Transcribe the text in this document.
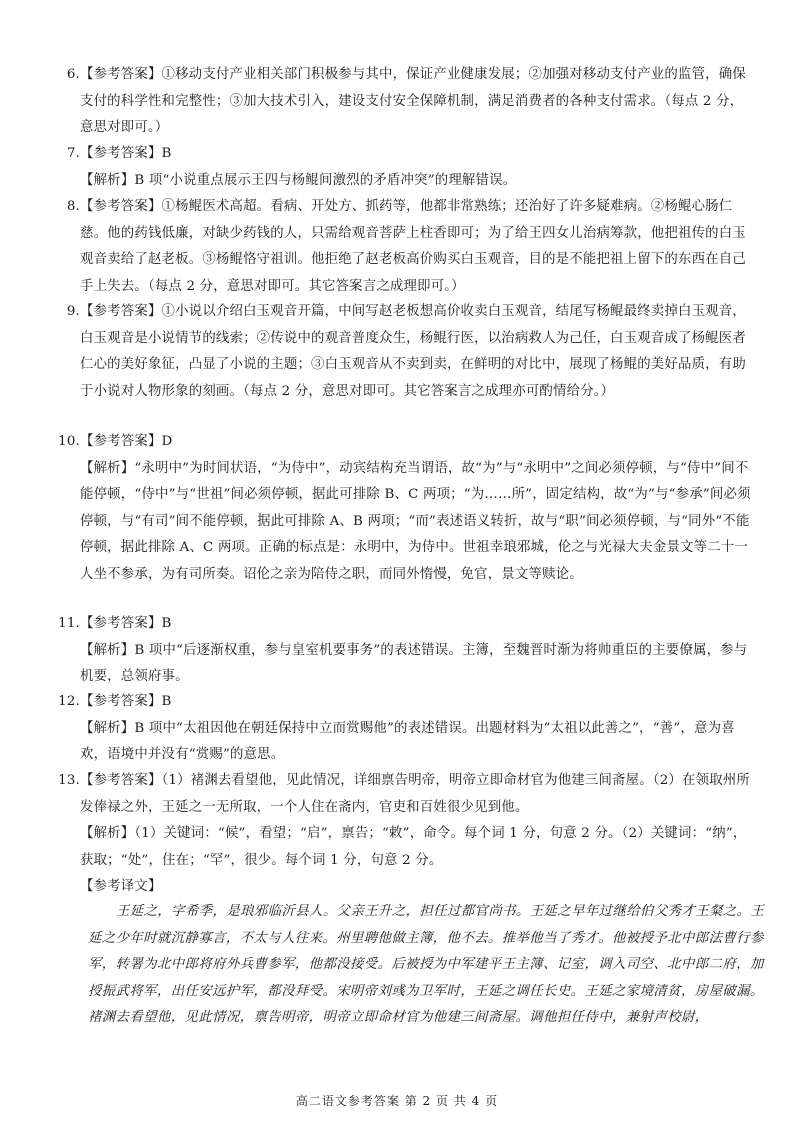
6. 【参考答案】①移动支付产业相关部门积极参与其中，保证产业健康发展；②加强对移动支付产业的监管，确保支付的科学性和完整性；③加大技术引入，建设支付安全保障机制，满足消费者的各种支付需求。（每点 2 分，意思对即可。）
7. 【参考答案】B
【解析】B 项“小说重点展示王四与杨鲲间激烈的矛盾冲突”的理解错误。
8. 【参考答案】①杨鲲医术高超。看病、开处方、抓药等，他都非常熟练；还治好了许多疑难病。②杨鲲心肠仁慈。他的药钱低廉，对缺少药钱的人，只需给观音菩萨上柱香即可；为了给王四女儿治病筹款，他把祖传的白玉观音卖给了赵老板。③杨鲲恪守祖训。他拒绝了赵老板高价购买白玉观音，目的是不能把祖上留下的东西在自己手上失去。（每点 2 分，意思对即可。其它答案言之成理即可。）
9. 【参考答案】①小说以介绍白玉观音开篇，中间写赵老板想高价收卖白玉观音，结尾写杨鲲最终卖掉白玉观音，白玉观音是小说情节的线索；②传说中的观音普度众生，杨鲲行医，以治病救人为己任，白玉观音成了杨鲲医者仁心的美好象征，凸显了小说的主题；③白玉观音从不卖到卖，在鲜明的对比中，展现了杨鲲的美好品质，有助于小说对人物形象的刻画。（每点 2 分，意思对即可。其它答案言之成理亦可酌情给分。）
10. 【参考答案】D
【解析】“永明中”为时间状语，“为侍中”，动宾结构充当谓语，故“为”与“永明中”之间必须停顿，与“侍中”间不能停顿，“侍中”与“世祖”间必须停顿，据此可排除 B、C 两项；“为……所”，固定结构，故“为”与“参承”间必须停顿，与“有司”间不能停顿，据此可排除 A、B 两项；“而”表述语义转折，故与“职”间必须停顿，与“同外”不能停顿，据此排除 A、C 两项。正确的标点是：永明中，为侍中。世祖幸琅邪城，伦之与光禄大夫金景文等二十一人坐不参承，为有司所奏。诏伦之亲为陪侍之职，而同外惰慢，免官，景文等赎论。
11. 【参考答案】B
【解析】B 项中“后逐渐权重，参与皇室机要事务”的表述错误。主簿，至魏晋时渐为将帅重臣的主要僚属，参与机要，总领府事。
12. 【参考答案】B
【解析】B 项中“太祖因他在朝廷保持中立而赏赐他”的表述错误。出题材料为“太祖以此善之”，“善”，意为喜欢，语境中并没有“赏赐”的意思。
13. 【参考答案】（1）褚渊去看望他，见此情况，详细禀告明帝，明帝立即命材官为他建三间斋屋。（2）在领取州所发俸禄之外，王延之一无所取，一个人住在斋内，官吏和百姓很少见到他。
【解析】（1）关键词：“候”，看望；“启”，禀告；“敕”，命令。每个词 1 分，句意 2 分。（2）关键词：“纳”，获取；“处”，住在；“罕”，很少。每个词 1 分，句意 2 分。
【参考译文】

王延之，字希季，是琅邪临沂县人。父亲王升之，担任过都官尚书。王延之早年过继给伯父秀才王粲之。王延之少年时就沉静寡言，不太与人往来。州里聘他做主簿，他不去。推举他当了秀才。他被授予北中郎法曹行参军，转署为北中郎将府外兵曹参军，他都没接受。后被授为中军建平王主簿、记室，调入司空、北中郎二府，加授振武将军，出任安远护军，都没拜受。宋明帝刘彧为卫军时，王延之调任长史。王延之家境清贫，房屋破漏。褚渊去看望他，见此情况，禀告明帝，明帝立即命材官为他建三间斋屋。调他担任侍中，兼射声校尉，

高二语文参考答案 第 2 页 共 4 页
